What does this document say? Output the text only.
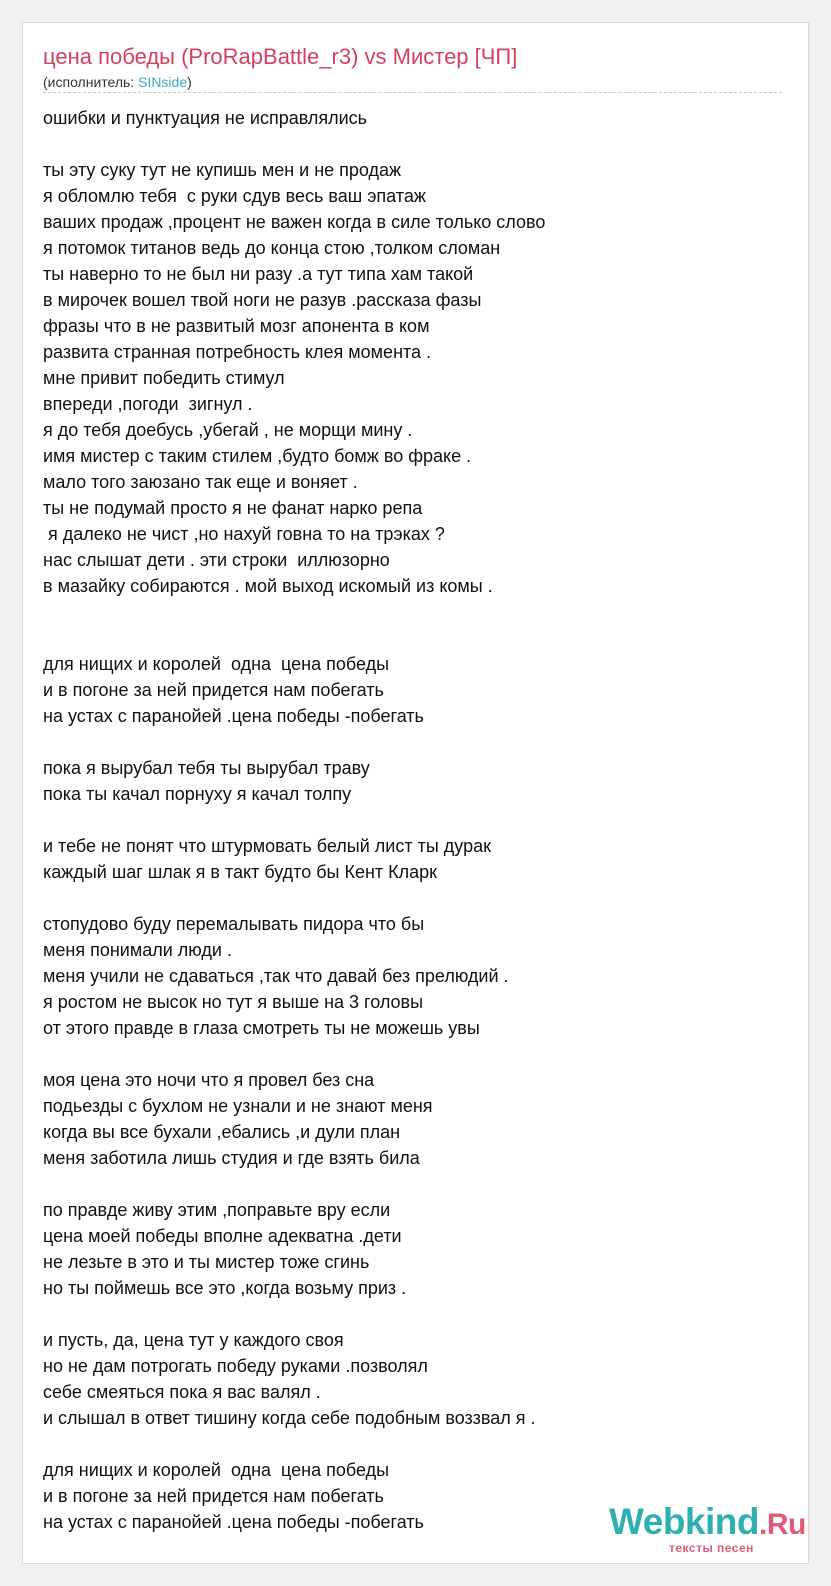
цена победы (ProRapBattle_r3) vs Мистер [ЧП]
(исполнитель: SINside)
ошибки и пунктуация не исправлялись
ты эту суку тут не купишь мен и не продаж
я обломлю тебя  с руки сдув весь ваш эпатаж
ваших продаж ,процент не важен когда в силе только слово
я потомок титанов ведь до конца стою ,толком сломан
ты наверно то не был ни разу .а тут типа хам такой
в мирочек вошел твой ноги не разув .рассказа фазы
фразы что в не развитый мозг апонента в ком
развита странная потребность клея момента .
мне привит победить стимул
впереди ,погоди  зигнул .
я до тебя доебусь ,убегай , не морщи мину .
имя мистер с таким стилем ,будто бомж во фраке .
мало того заюзано так еще и воняет .
ты не подумай просто я не фанат нарко репа
я далеко не чист ,но нахуй говна то на трэках ?
нас слышат дети . эти строки  иллюзорно
в мазайку собираются . мой выход искомый из комы .
для нищих и королей  одна  цена победы
и в погоне за ней придется нам побегать
на устах с паранойей .цена победы -побегать
пока я вырубал тебя ты вырубал траву
пока ты качал порнуху я качал толпу
и тебе не понят что штурмовать белый лист ты дурак
каждый шаг шлак я в такт будто бы Кент Кларк
стопудово буду перемалывать пидора что бы
меня понимали люди .
меня учили не сдаваться ,так что давай без прелюдий .
я ростом не высок но тут я выше на 3 головы
от этого правде в глаза смотреть ты не можешь увы
моя цена это ночи что я провел без сна
подьезды с бухлом не узнали и не знают меня
когда вы все бухали ,ебались ,и дули план
меня заботила лишь студия и где взять била
по правде живу этим ,поправьте вру если
цена моей победы вполне адекватна .дети
не лезьте в это и ты мистер тоже сгинь
но ты поймешь все это ,когда возьму приз .
и пусть, да, цена тут у каждого своя
но не дам потрогать победу руками .позволял
себе смеяться пока я вас валял .
и слышал в ответ тишину когда себе подобным воззвал я .
для нищих и королей  одна  цена победы
и в погоне за ней придется нам побегать
на устах с паранойей .цена победы -побегать	Webkind.Ru
тексты песен
